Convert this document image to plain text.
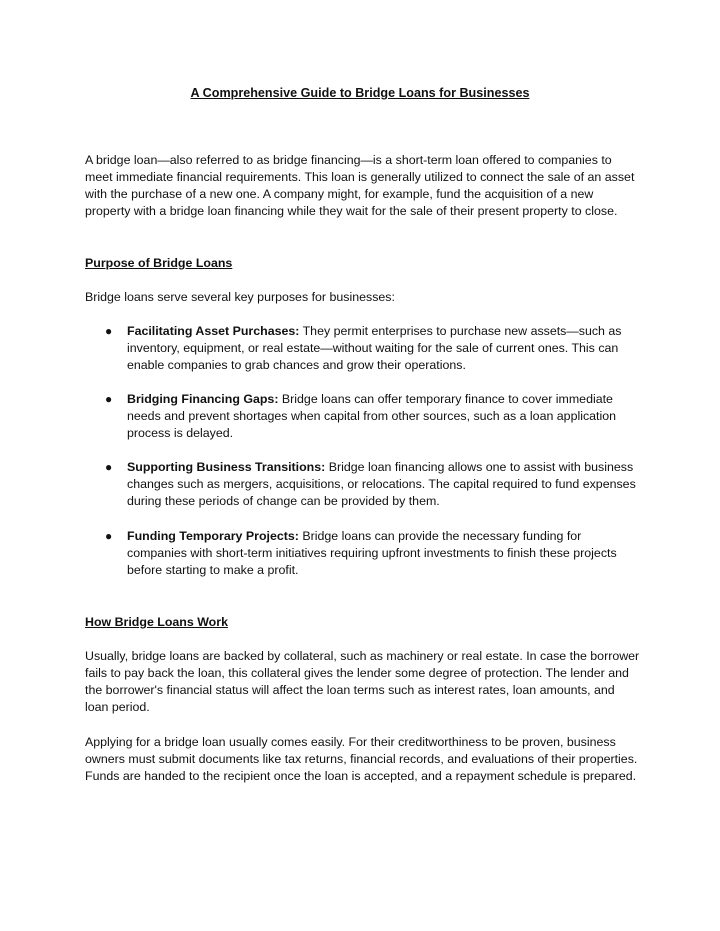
A Comprehensive Guide to Bridge Loans for Businesses

A bridge loan—also referred to as bridge financing—is a short-term loan offered to companies to meet immediate financial requirements. This loan is generally utilized to connect the sale of an asset with the purchase of a new one. A company might, for example, fund the acquisition of a new property with a bridge loan financing while they wait for the sale of their present property to close.

Purpose of Bridge Loans

Bridge loans serve several key purposes for businesses:

●	Facilitating Asset Purchases: They permit enterprises to purchase new assets—such as inventory, equipment, or real estate—without waiting for the sale of current ones. This can enable companies to grab chances and grow their operations.
●	Bridging Financing Gaps: Bridge loans can offer temporary finance to cover immediate needs and prevent shortages when capital from other sources, such as a loan application process is delayed.
●	Supporting Business Transitions: Bridge loan financing allows one to assist with business changes such as mergers, acquisitions, or relocations. The capital required to fund expenses during these periods of change can be provided by them.
●	Funding Temporary Projects: Bridge loans can provide the necessary funding for companies with short-term initiatives requiring upfront investments to finish these projects before starting to make a profit.
How Bridge Loans Work

Usually, bridge loans are backed by collateral, such as machinery or real estate. In case the borrower fails to pay back the loan, this collateral gives the lender some degree of protection. The lender and the borrower's financial status will affect the loan terms such as interest rates, loan amounts, and loan period.

Applying for a bridge loan usually comes easily. For their creditworthiness to be proven, business owners must submit documents like tax returns, financial records, and evaluations of their properties. Funds are handed to the recipient once the loan is accepted, and a repayment schedule is prepared.
